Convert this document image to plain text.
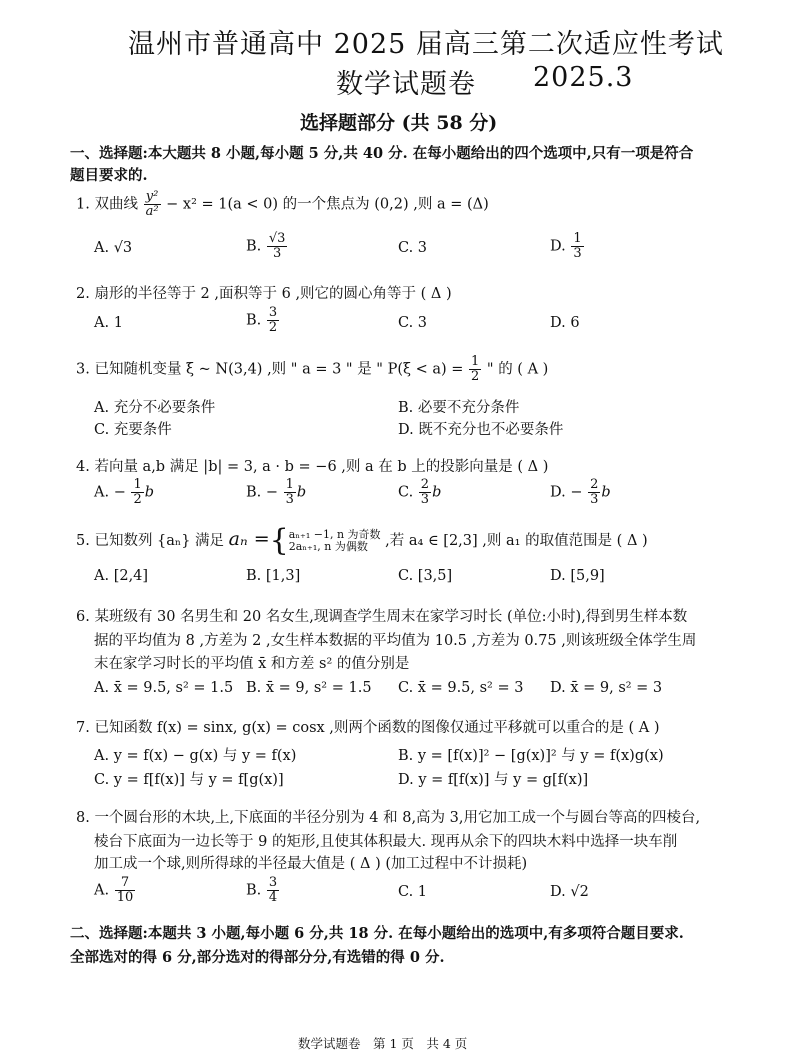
温州市普通高中 2025 届高三第二次适应性考试
数学试题卷 2025.3
选择题部分 (共 58 分)
一、选择题:本大题共 8 小题,每小题 5 分,共 40 分. 在每小题给出的四个选项中,只有一项是符合
题目要求的.
1. 双曲线 $\frac{\text{y²}}{\text{a²}} - x^2 = 1(a < 0)$ 的一个焦点为 (0,2) ,则 a = (Δ)
A. √3	B. $\frac{√3}{3}$	C. 3	D. $\frac{1}{3}$
2. 扇形的半径等于 2 ,面积等于 6 ,则它的圆心角等于 ( Δ )
A. 1	B. $\frac{3}{2}$	C. 3	D. 6
3. 已知随机变量 ξ ~ N(3,4) ,则 " a = 3 " 是 " $P(\xi < a) = \frac{1}{2}$ " 的 ( A )
A. 充分不必要条件	B. 必要不充分条件
C. 充要条件	D. 既不充分也不必要条件
4. 若向量 a,b 满足 |b| = 3, a · b = −6 ,则 a 在 b 上的投影向量是 ( Δ )
A. − $\frac{1}{2}$ b	B. − $\frac{1}{3}$ b	C. $\frac{2}{3}$ b	D. − $\frac{2}{3}$ b
5. 已知数列 {aₙ} 满足 aₙ ={ aₙ₊₁ −1, n 为奇数
2aₙ₊₁, n 为偶数	,若 a₄ ∈ [2,3] ,则 a₁ 的取值范围是 ( Δ )
A. [2,4]	B. [1,3]	C. [3,5]	D. [5,9]
6. 某班级有 30 名男生和 20 名女生,现调查学生周末在家学习时长 (单位:小时),得到男生样本数
据的平均值为 8 ,方差为 2 ,女生样本数据的平均值为 10.5 ,方差为 0.75 ,则该班级全体学生周
末在家学习时长的平均值 x̄ 和方差 s² 的值分别是
A. x̄ = 9.5, s² = 1.5 B. x̄ = 9, s² = 1.5 C. x̄ = 9.5, s² = 3 D. x̄ = 9, s² = 3
7. 已知函数 f(x) = sinx, g(x) = cosx ,则两个函数的图像仅通过平移就可以重合的是 ( A )
A. y = f(x) − g(x) 与 y = f(x)	B. y = [f(x)]² − [g(x)]² 与 y = f(x)g(x)
C. y = f[f(x)] 与 y = f[g(x)]	D. y = f[f(x)] 与 y = g[f(x)]
8. 一个圆台形的木块,上,下底面的半径分别为 4 和 8,高为 3,用它加工成一个与圆台等高的四棱台,
棱台下底面为一边长等于 9 的矩形,且使其体积最大. 现再从余下的四块木料中选择一块车削
加工成一个球,则所得球的半径最大值是 ( Δ ) (加工过程中不计损耗)
A. $\frac{7}{10}$	B. $\frac{3}{4}$	C. 1	D. √2
二、选择题:本题共 3 小题,每小题 6 分,共 18 分. 在每小题给出的选项中,有多项符合题目要求.
全部选对的得 6 分,部分选对的得部分分,有选错的得 0 分.
数学试题卷　第 1 页　共 4 页
